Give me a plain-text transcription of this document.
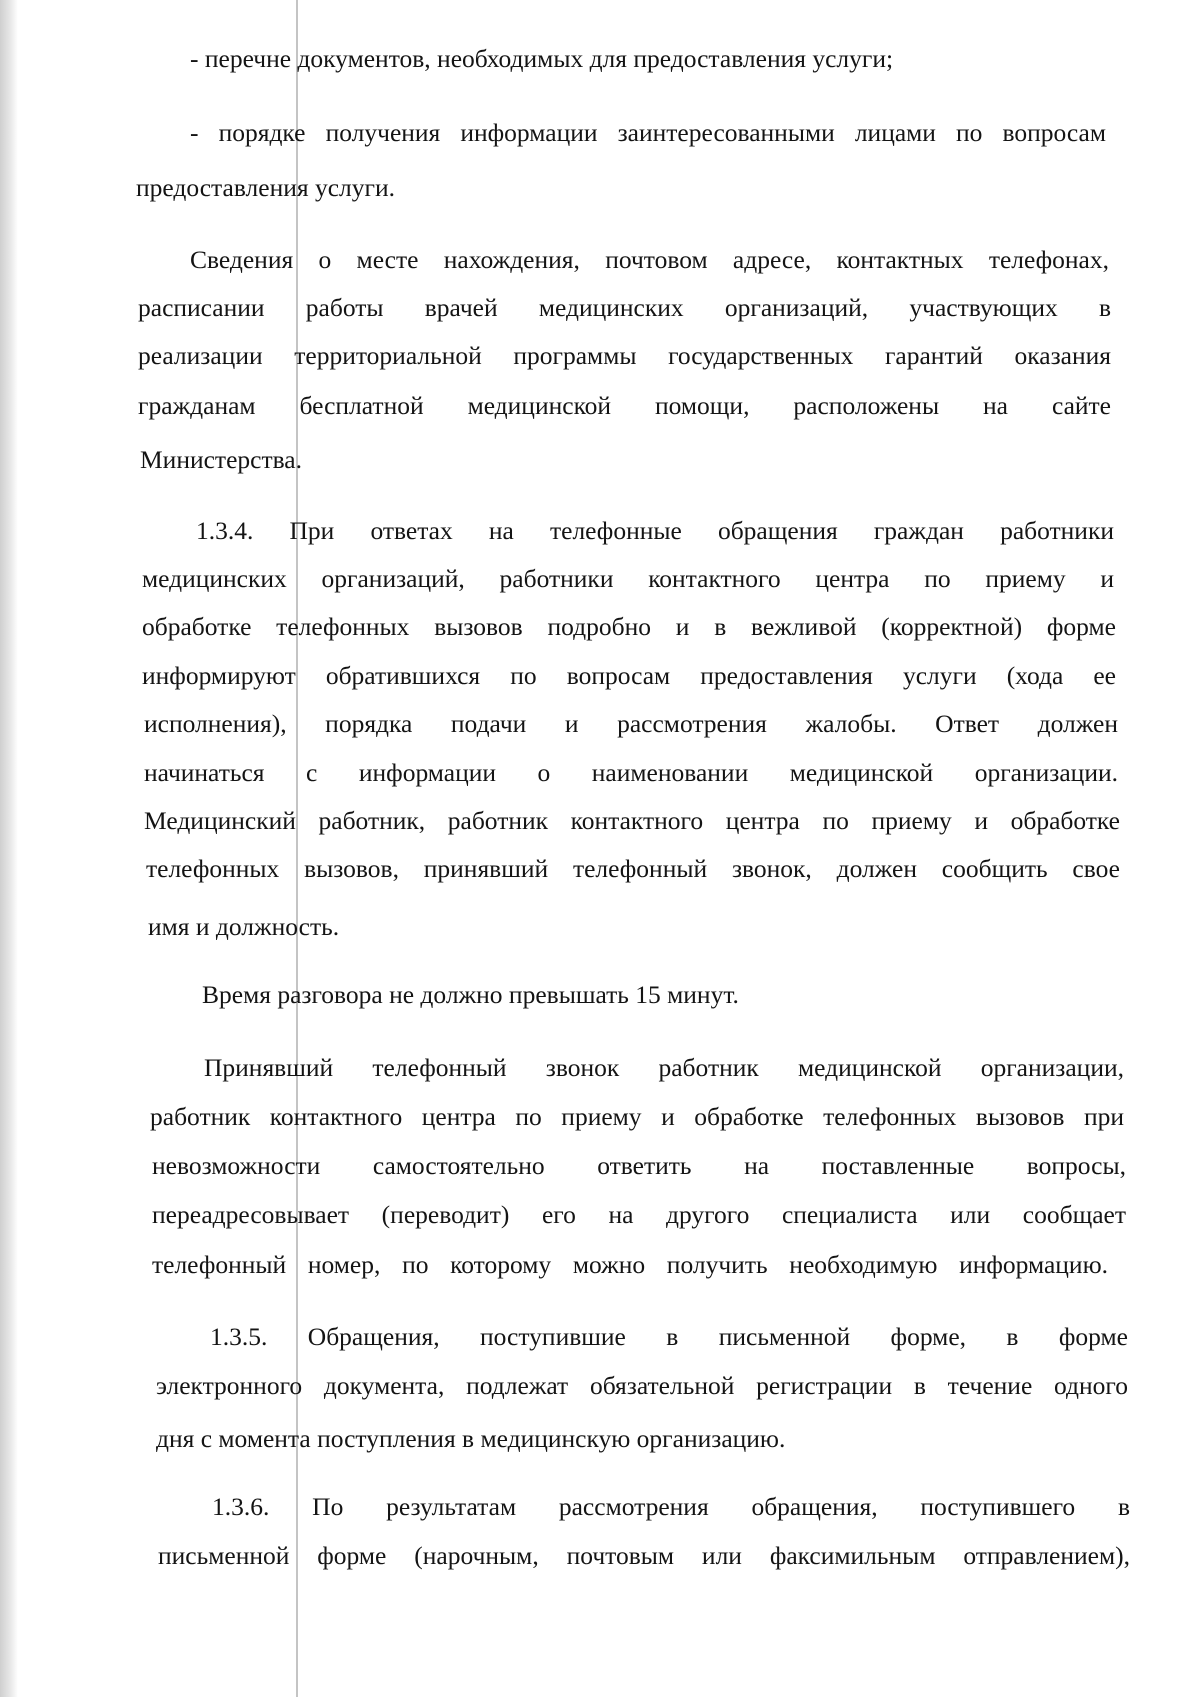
- перечне документов, необходимых для предоставления услуги;
- порядке получения информации заинтересованными лицами по вопросам
предоставления услуги.
Сведения о месте нахождения, почтовом адресе, контактных телефонах,
расписании работы врачей медицинских организаций, участвующих в
реализации территориальной программы государственных гарантий оказания
гражданам бесплатной медицинской помощи, расположены на сайте
Министерства.
1.3.4. При ответах на телефонные обращения граждан работники
медицинских организаций, работники контактного центра по приему и
обработке телефонных вызовов подробно и в вежливой (корректной) форме
информируют обратившихся по вопросам предоставления услуги (хода ее
исполнения), порядка подачи и рассмотрения жалобы. Ответ должен
начинаться с информации о наименовании медицинской организации.
Медицинский работник, работник контактного центра по приему и обработке
телефонных вызовов, принявший телефонный звонок, должен сообщить свое
имя и должность.
Время разговора не должно превышать 15 минут.
Принявший телефонный звонок работник медицинской организации,
работник контактного центра по приему и обработке телефонных вызовов при
невозможности самостоятельно ответить на поставленные вопросы,
переадресовывает (переводит) его на другого специалиста или сообщает
телефонный номер, по которому можно получить необходимую информацию.
1.3.5. Обращения, поступившие в письменной форме, в форме
электронного документа, подлежат обязательной регистрации в течение одного
дня с момента поступления в медицинскую организацию.
1.3.6. По результатам рассмотрения обращения, поступившего в
письменной форме (нарочным, почтовым или факсимильным отправлением),
